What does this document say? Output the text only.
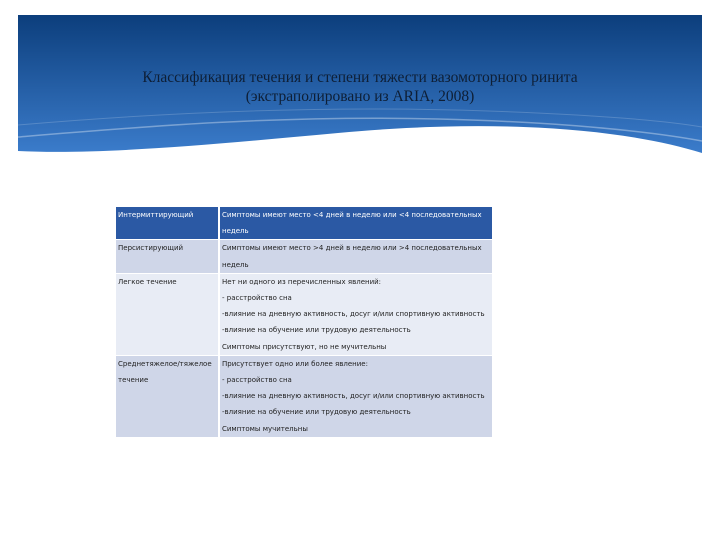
Классификация течения и степени тяжести вазомоторного ринита
(экстраполировано из ARIA, 2008)
Интермиттирующий	Симптомы имеют место <4 дней в неделю или <4 последовательных недель

Персистирующий	Симптомы имеют место >4 дней в неделю или >4 последовательных недель

Легкое течение	Нет ни одного из перечисленных явлений:
- расстройство сна
-влияние на дневную активность, досуг и/или спортивную активность
-влияние на обучение или трудовую деятельность
Симптомы присутствуют, но не мучительны

Среднетяжелое/тяжелое течение	Присутствует одно или более явление:
- расстройство сна
-влияние на дневную активность, досуг и/или спортивную активность
-влияние на обучение или трудовую деятельность
Симптомы мучительны
